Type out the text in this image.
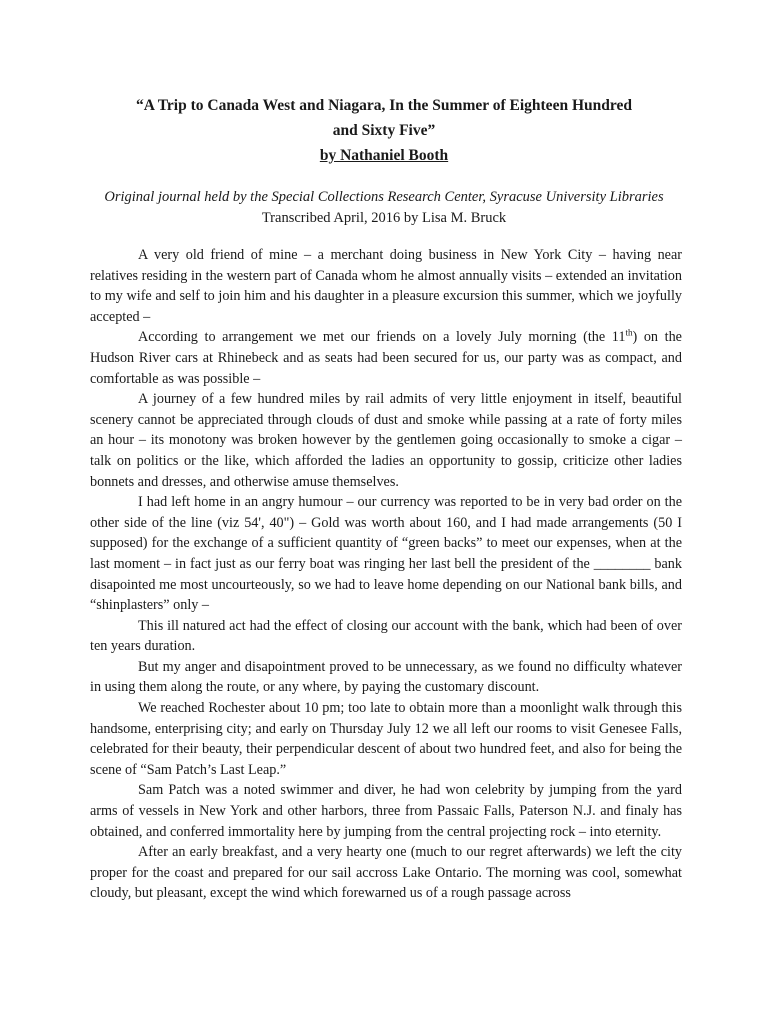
“A Trip to Canada West and Niagara, In the Summer of Eighteen Hundred
and Sixty Five”
by Nathaniel Booth
Original journal held by the Special Collections Research Center, Syracuse University Libraries
Transcribed April, 2016 by Lisa M. Bruck

A very old friend of mine – a merchant doing business in New York City – having near relatives residing in the western part of Canada whom he almost annually visits – extended an invitation to my wife and self to join him and his daughter in a pleasure excursion this summer, which we joyfully accepted –

According to arrangement we met our friends on a lovely July morning (the 11th) on the Hudson River cars at Rhinebeck and as seats had been secured for us, our party was as compact, and comfortable as was possible –

A journey of a few hundred miles by rail admits of very little enjoyment in itself, beautiful scenery cannot be appreciated through clouds of dust and smoke while passing at a rate of forty miles an hour – its monotony was broken however by the gentlemen going occasionally to smoke a cigar – talk on politics or the like, which afforded the ladies an opportunity to gossip, criticize other ladies bonnets and dresses, and otherwise amuse themselves.

I had left home in an angry humour – our currency was reported to be in very bad order on the other side of the line (viz 54', 40") – Gold was worth about 160, and I had made arrangements (50 I supposed) for the exchange of a sufficient quantity of “green backs” to meet our expenses, when at the last moment – in fact just as our ferry boat was ringing her last bell the president of the ________ bank disapointed me most uncourteously, so we had to leave home depending on our National bank bills, and “shinplasters” only –

This ill natured act had the effect of closing our account with the bank, which had been of over ten years duration.

But my anger and disapointment proved to be unnecessary, as we found no difficulty whatever in using them along the route, or any where, by paying the customary discount.

We reached Rochester about 10 pm; too late to obtain more than a moonlight walk through this handsome, enterprising city; and early on Thursday July 12 we all left our rooms to visit Genesee Falls, celebrated for their beauty, their perpendicular descent of about two hundred feet, and also for being the scene of “Sam Patch’s Last Leap.”

Sam Patch was a noted swimmer and diver, he had won celebrity by jumping from the yard arms of vessels in New York and other harbors, three from Passaic Falls, Paterson N.J. and finaly has obtained, and conferred immortality here by jumping from the central projecting rock – into eternity.

After an early breakfast, and a very hearty one (much to our regret afterwards) we left the city proper for the coast and prepared for our sail accross Lake Ontario. The morning was cool, somewhat cloudy, but pleasant, except the wind which forewarned us of a rough passage across
